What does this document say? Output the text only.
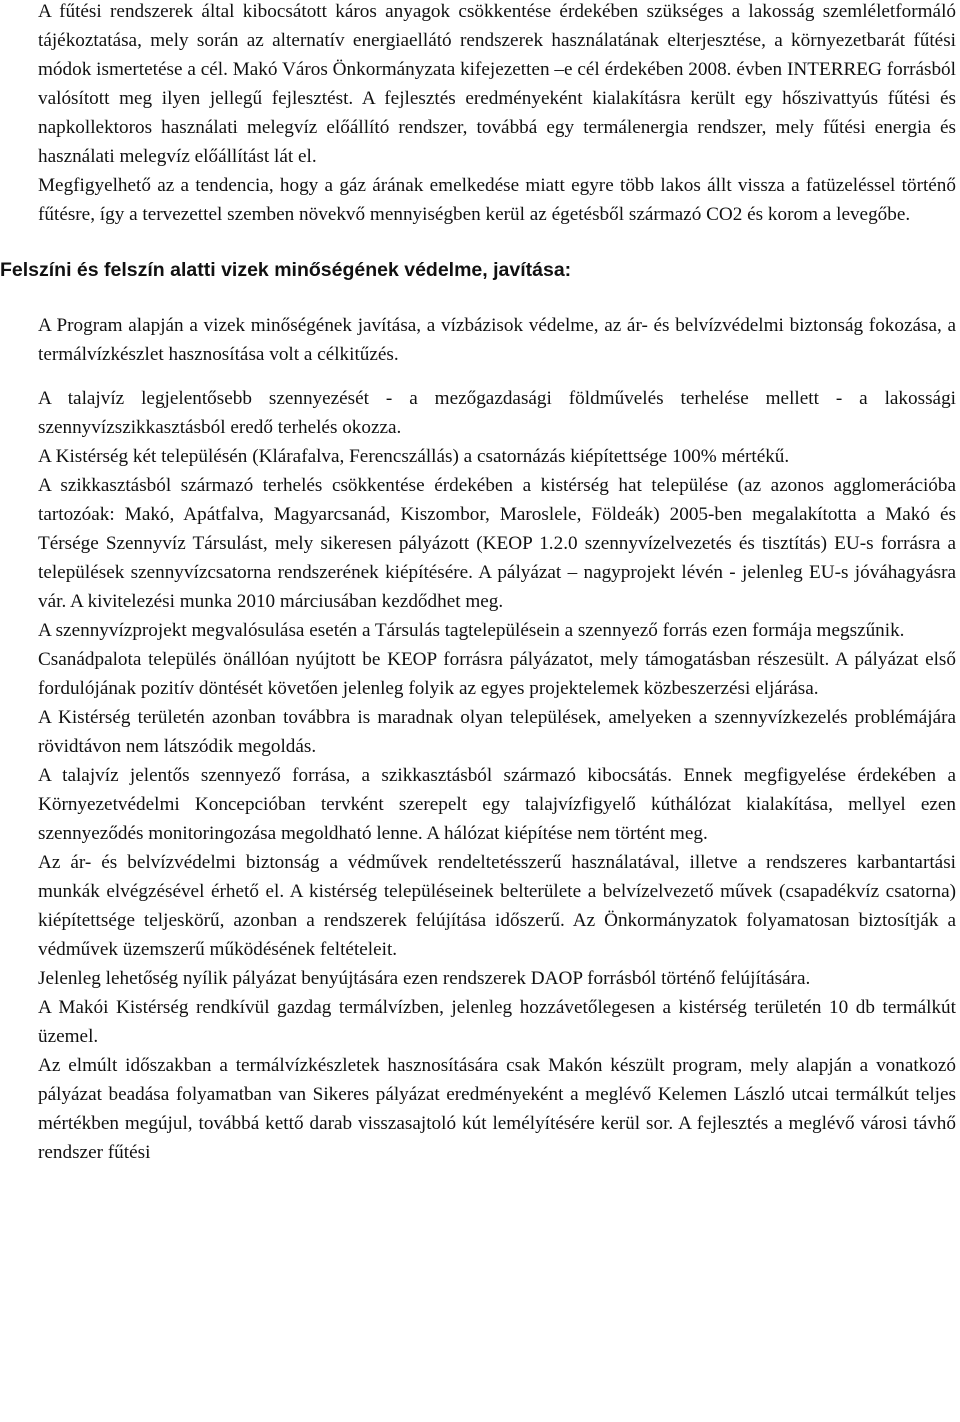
A fűtési rendszerek által kibocsátott káros anyagok csökkentése érdekében szükséges a lakosság szemléletformáló tájékoztatása, mely során az alternatív energiaellátó rendszerek használatának elterjesztése, a környezetbarát fűtési módok ismertetése a cél. Makó Város Önkormányzata kifejezetten –e cél érdekében 2008. évben INTERREG forrásból valósított meg ilyen jellegű fejlesztést. A fejlesztés eredményeként kialakításra került egy hőszivattyús fűtési és napkollektoros használati melegvíz előállító rendszer, továbbá egy termálenergia rendszer, mely fűtési energia és használati melegvíz előállítást lát el.

Megfigyelhető az a tendencia, hogy a gáz árának emelkedése miatt egyre több lakos állt vissza a fatüzeléssel történő fűtésre, így a tervezettel szemben növekvő mennyiségben kerül az égetésből származó CO2 és korom a levegőbe.

Felszíni és felszín alatti vizek minőségének védelme, javítása:

A Program alapján a vizek minőségének javítása, a vízbázisok védelme, az ár- és belvízvédelmi biztonság fokozása, a termálvízkészlet hasznosítása volt a célkitűzés.

A talajvíz legjelentősebb szennyezését - a mezőgazdasági földművelés terhelése mellett - a lakossági szennyvízszikkasztásból eredő terhelés okozza.

A Kistérség két településén (Klárafalva, Ferencszállás) a csatornázás kiépítettsége 100% mértékű.

A szikkasztásból származó terhelés csökkentése érdekében a kistérség hat települése (az azonos agglomerációba tartozóak: Makó, Apátfalva, Magyarcsanád, Kiszombor, Maroslele, Földeák) 2005-ben megalakította a Makó és Térsége Szennyvíz Társulást, mely sikeresen pályázott (KEOP 1.2.0 szennyvízelvezetés és tisztítás) EU-s forrásra a települések szennyvízcsatorna rendszerének kiépítésére. A pályázat – nagyprojekt lévén - jelenleg EU-s jóváhagyásra vár. A kivitelezési munka 2010 márciusában kezdődhet meg.

A szennyvízprojekt megvalósulása esetén a Társulás tagtelepülésein a szennyező forrás ezen formája megszűnik.

Csanádpalota település önállóan nyújtott be KEOP forrásra pályázatot, mely támogatásban részesült. A pályázat első fordulójának pozitív döntését követően jelenleg folyik az egyes projektelemek közbeszerzési eljárása.

A Kistérség területén azonban továbbra is maradnak olyan települések, amelyeken a szennyvízkezelés problémájára rövidtávon nem látszódik megoldás.

A talajvíz jelentős szennyező forrása, a szikkasztásból származó kibocsátás. Ennek megfigyelése érdekében a Környezetvédelmi Koncepcióban tervként szerepelt egy talajvízfigyelő kúthálózat kialakítása, mellyel ezen szennyeződés monitoringozása megoldható lenne. A hálózat kiépítése nem történt meg.

Az ár- és belvízvédelmi biztonság a védművek rendeltetésszerű használatával, illetve a rendszeres karbantartási munkák elvégzésével érhető el. A kistérség településeinek belterülete a belvízelvezető művek (csapadékvíz csatorna) kiépítettsége teljeskörű, azonban a rendszerek felújítása időszerű. Az Önkormányzatok folyamatosan biztosítják a védművek üzemszerű működésének feltételeit.

Jelenleg lehetőség nyílik pályázat benyújtására ezen rendszerek DAOP forrásból történő felújítására.

A Makói Kistérség rendkívül gazdag termálvízben, jelenleg hozzávetőlegesen a kistérség területén 10 db termálkút üzemel.

Az elmúlt időszakban a termálvízkészletek hasznosítására csak Makón készült program, mely alapján a vonatkozó pályázat beadása folyamatban van Sikeres pályázat eredményeként a meglévő Kelemen László utcai termálkút teljes mértékben megújul, továbbá kettő darab visszasajtoló kút lemélyítésére kerül sor. A fejlesztés a meglévő városi távhő rendszer fűtési
